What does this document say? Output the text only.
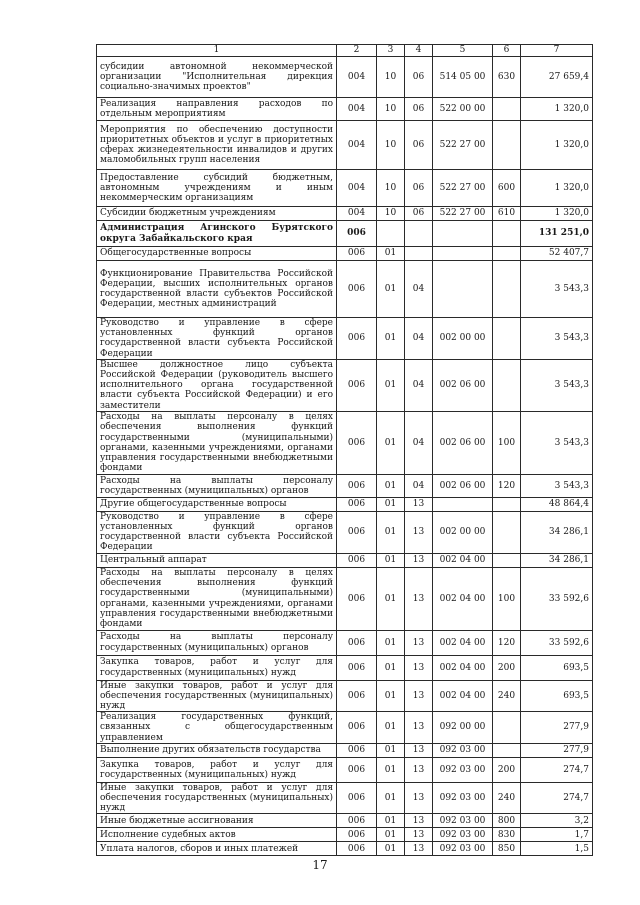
1	2	3	4	5	6	7
субсидии автономной некоммерческой организации "Исполнительная дирекция социально-значимых проектов"	004	10	06	514 05 00	630	27 659,4
Реализация направления расходов по отдельным мероприятиям	004	10	06	522 00 00		1 320,0
Мероприятия по обеспечению доступности приоритетных объектов и услуг в приоритетных сферах жизнедеятельности инвалидов и других маломобильных групп населения	004	10	06	522 27 00		1 320,0
Предоставление субсидий бюджетным, автономным учреждениям и иным некоммерческим организациям	004	10	06	522 27 00	600	1 320,0
Субсидии бюджетным учреждениям	004	10	06	522 27 00	610	1 320,0
Администрация Агинского Бурятского округа Забайкальского края	006					131 251,0
Общегосударственные вопросы	006	01				52 407,7
Функционирование Правительства Российской Федерации, высших исполнительных органов государственной власти субъектов Российской Федерации, местных администраций	006	01	04			3 543,3
Руководство и управление в сфере установленных функций органов государственной власти субъекта Российской Федерации	006	01	04	002 00 00		3 543,3
Высшее должностное лицо субъекта Российской Федерации (руководитель высшего исполнительного органа государственной власти субъекта Российской Федерации) и его заместители	006	01	04	002 06 00		3 543,3
Расходы на выплаты персоналу в целях обеспечения выполнения функций государственными (муниципальными) органами, казенными учреждениями, органами управления государственными внебюджетными фондами	006	01	04	002 06 00	100	3 543,3
Расходы на выплаты персоналу государственных (муниципальных) органов	006	01	04	002 06 00	120	3 543,3
Другие общегосударственные вопросы	006	01	13			48 864,4
Руководство и управление в сфере установленных функций органов государственной власти субъекта Российской Федерации	006	01	13	002 00 00		34 286,1
Центральный аппарат	006	01	13	002 04 00		34 286,1
Расходы на выплаты персоналу в целях обеспечения выполнения функций государственными (муниципальными) органами, казенными учреждениями, органами управления государственными внебюджетными фондами	006	01	13	002 04 00	100	33 592,6
Расходы на выплаты персоналу государственных (муниципальных) органов	006	01	13	002 04 00	120	33 592,6
Закупка товаров, работ и услуг для государственных (муниципальных) нужд	006	01	13	002 04 00	200	693,5
Иные закупки товаров, работ и услуг для обеспечения государственных (муниципальных) нужд	006	01	13	002 04 00	240	693,5
Реализация государственных функций, связанных с общегосударственным управлением	006	01	13	092 00 00		277,9
Выполнение других обязательств государства	006	01	13	092 03 00		277,9
Закупка товаров, работ и услуг для государственных (муниципальных) нужд	006	01	13	092 03 00	200	274,7
Иные закупки товаров, работ и услуг для обеспечения государственных (муниципальных) нужд	006	01	13	092 03 00	240	274,7
Иные бюджетные ассигнования	006	01	13	092 03 00	800	3,2
Исполнение судебных актов	006	01	13	092 03 00	830	1,7
Уплата налогов, сборов и иных платежей	006	01	13	092 03 00	850	1,5
17
